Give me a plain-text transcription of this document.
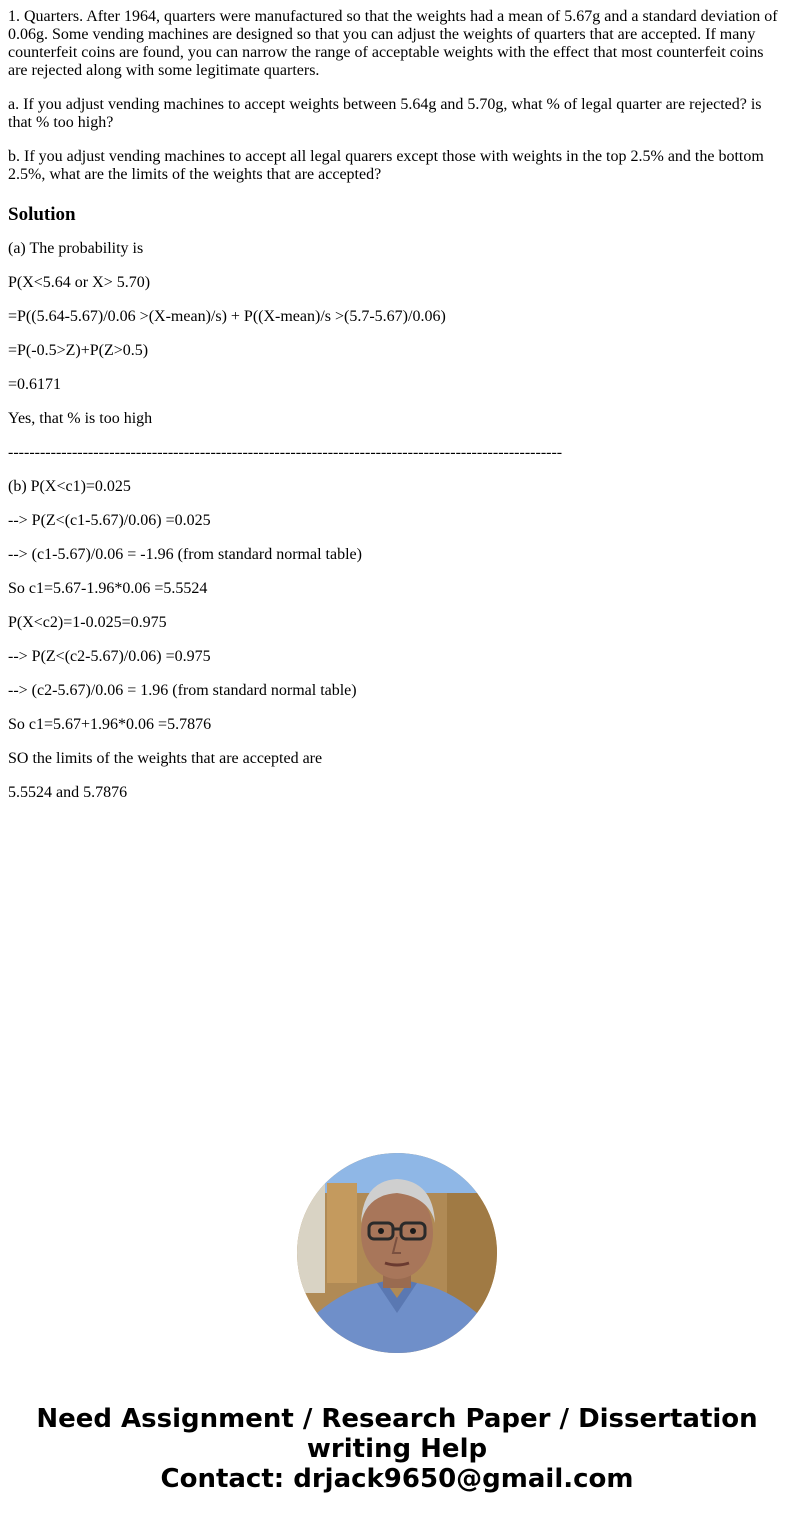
1. Quarters. After 1964, quarters were manufactured so that the weights had a mean of 5.67g and a standard deviation of 0.06g. Some vending machines are designed so that you can adjust the weights of quarters that are accepted. If many counterfeit coins are found, you can narrow the range of acceptable weights with the effect that most counterfeit coins are rejected along with some legitimate quarters.

a. If you adjust vending machines to accept weights between 5.64g and 5.70g, what % of legal quarter are rejected? is that % too high?

b. If you adjust vending machines to accept all legal quarers except those with weights in the top 2.5% and the bottom 2.5%, what are the limits of the weights that are accepted?

Solution

(a) The probability is

P(X<5.64 or X> 5.70)

=P((5.64-5.67)/0.06 >(X-mean)/s) + P((X-mean)/s >(5.7-5.67)/0.06)

=P(-0.5>Z)+P(Z>0.5)

=0.6171

Yes, that % is too high

--------------------------------------------------------------------------------------------------------

(b) P(X<c1)=0.025

--> P(Z<(c1-5.67)/0.06) =0.025

--> (c1-5.67)/0.06 = -1.96 (from standard normal table)

So c1=5.67-1.96*0.06 =5.5524

P(X<c2)=1-0.025=0.975

--> P(Z<(c2-5.67)/0.06) =0.975

--> (c2-5.67)/0.06 = 1.96 (from standard normal table)

So c1=5.67+1.96*0.06 =5.7876

SO the limits of the weights that are accepted are

5.5524 and 5.7876

Need Assignment / Research Paper / Dissertation
writing Help
Contact: drjack9650@gmail.com
